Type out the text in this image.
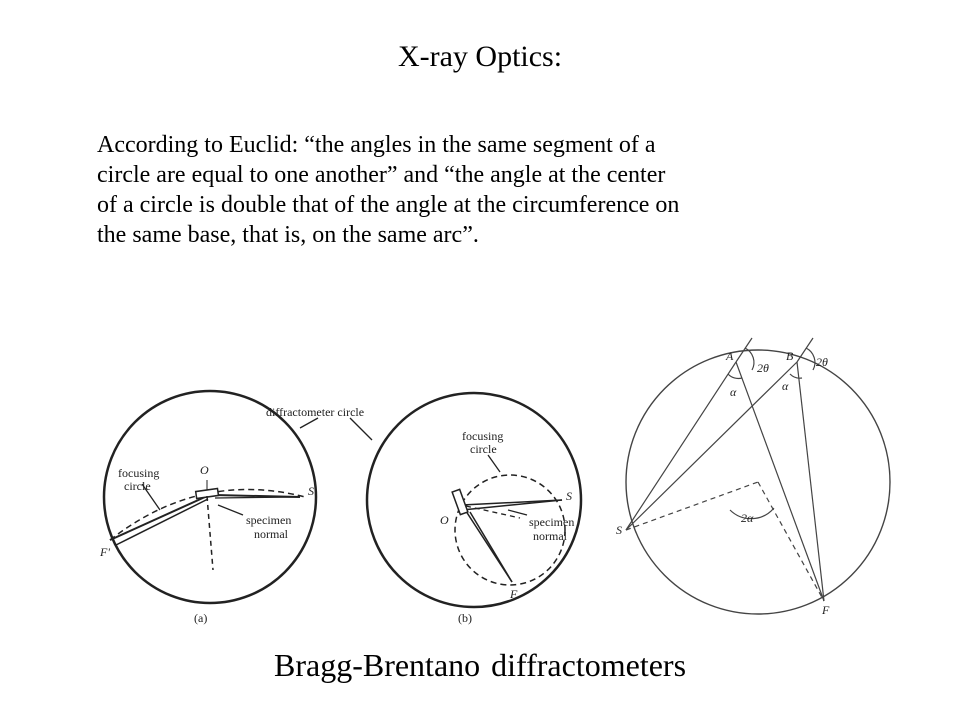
X-ray Optics:
According to Euclid: “the angles in the same segment of a
circle are equal to one another” and “the angle at the center
of a circle is double that of the angle at the circumference on
the same base, that is, on the same arc”.
diffractometer circle
focusing
circle
O
S
F'
specimen
normal
(a)
focusing
circle
S
O
F
specimen
normal
(b)
A	B
2θ	2θ
α	α
2α
S
F
Bragg-Brentano diffractometers
